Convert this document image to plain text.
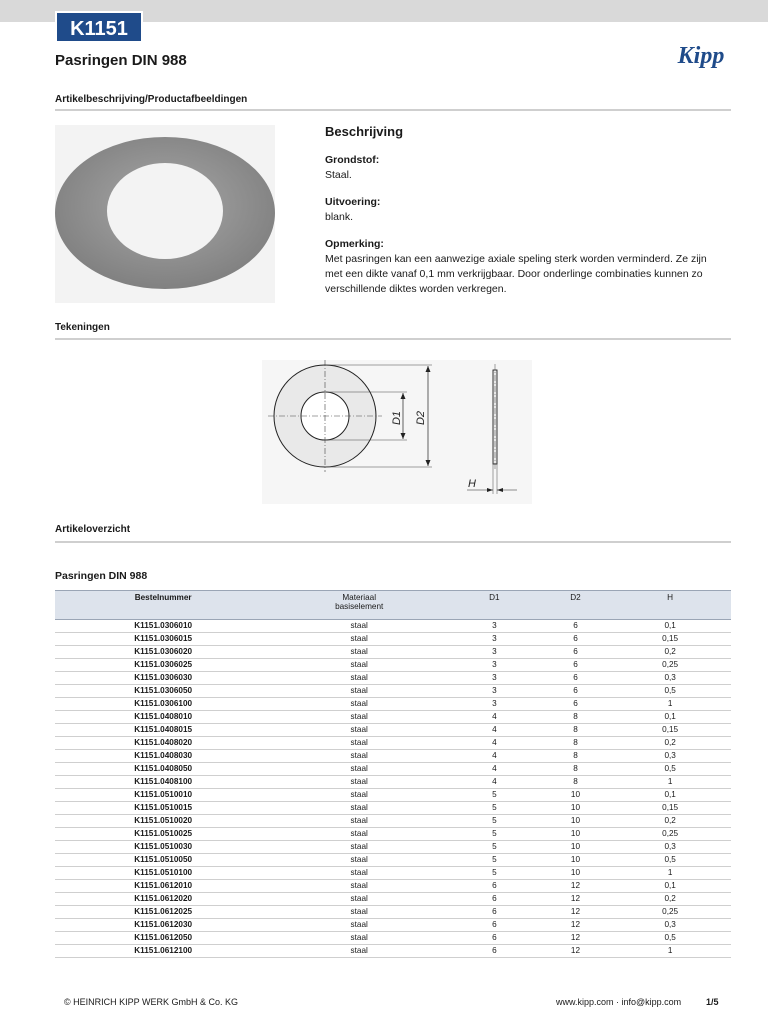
K1151
Pasringen DIN 988	Kipp
Artikelbeschrijving/Productafbeeldingen
Beschrijving
Grondstof:
Staal.
Uitvoering:
blank.
Opmerking:
Met pasringen kan een aanwezige axiale speling sterk worden verminderd. Ze zijn met een dikte vanaf 0,1 mm verkrijgbaar. Door onderlinge combinaties kunnen zo verschillende diktes worden verkregen.
Tekeningen
D1 D2
H
Artikeloverzicht
Pasringen DIN 988
Bestelnummer	Materiaal
basiselement	D1	D2	H
K1151.0306010	staal	3	6	0,1
K1151.0306015	staal	3	6	0,15
K1151.0306020	staal	3	6	0,2
K1151.0306025	staal	3	6	0,25
K1151.0306030	staal	3	6	0,3
K1151.0306050	staal	3	6	0,5
K1151.0306100	staal	3	6	1
K1151.0408010	staal	4	8	0,1
K1151.0408015	staal	4	8	0,15
K1151.0408020	staal	4	8	0,2
K1151.0408030	staal	4	8	0,3
K1151.0408050	staal	4	8	0,5
K1151.0408100	staal	4	8	1
K1151.0510010	staal	5	10	0,1
K1151.0510015	staal	5	10	0,15
K1151.0510020	staal	5	10	0,2
K1151.0510025	staal	5	10	0,25
K1151.0510030	staal	5	10	0,3
K1151.0510050	staal	5	10	0,5
K1151.0510100	staal	5	10	1
K1151.0612010	staal	6	12	0,1
K1151.0612020	staal	6	12	0,2
K1151.0612025	staal	6	12	0,25
K1151.0612030	staal	6	12	0,3
K1151.0612050	staal	6	12	0,5
K1151.0612100	staal	6	12	1
© HEINRICH KIPP WERK GmbH & Co. KG	www.kipp.com · info@kipp.com	1/5
